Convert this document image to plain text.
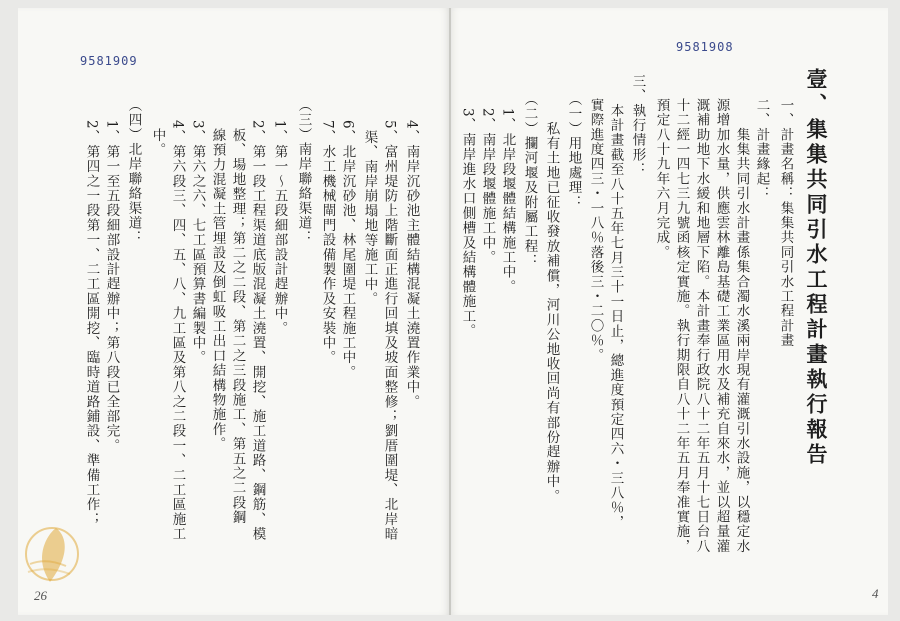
9581909
9581908
壹、集集共同引水工程計畫執行報告
一、計畫名稱：集集共同引水工程計畫
二、計畫緣起：
　　集集共同引水計畫係集合濁水溪兩岸現有灌溉引水設施，以穩定水
源增加水量，供應雲林離島基礎工業區用水及補充自來水，並以超量灌
溉補助地下水緩和地層下陷。本計畫奉行政院八十二年五月十七日台八
十二經一四七三九號函核定實施。執行期限自八十二年五月奉准實施，
預定八十九年六月完成。
三、執行情形：
　　本計畫截至八十五年七月三十一日止，總進度預定四六・三八％，
實際進度四三・一八％落後三・二〇％。
（一）用地處理：
　　私有土地已征收發放補償，河川公地收回尚有部份趕辦中。
（二）攔河堰及附屬工程：
1、北岸段堰體結構施工中。
2、南岸段堰體施工中。
3、南岸進水口側槽及結構體施工。
4、南岸沉砂池主體結構混凝土澆置作業中。
5、富州堤防上階斷面正進行回填及坡面整修；劉厝圍堤、北岸暗
渠、南岸崩塌地等施工中。
6、北岸沉砂池、林尾圍堤工程施工中。
7、水工機械閘門設備製作及安裝中。
（三）南岸聯絡渠道：
1、第一～五段細部設計趕辦中。
2、第一段工程渠道底版混凝土澆置、開挖、施工道路、鋼筋、模
板、場地整理；第二之二段、第二之三段施工、第五之二段鋼
線預力混凝土管埋設及倒虹吸工出口結構物施作。
3、第六之六、七工區預算書編製中。
4、第六段三、四、五、八、九工區及第八之二段一、二工區施工
中。
（四）北岸聯絡渠道：
1、第一至五段細部設計趕辦中；第八段已全部完。
2、第四之一段第一、二工區開挖、臨時道路鋪設、準備工作；
26	4
